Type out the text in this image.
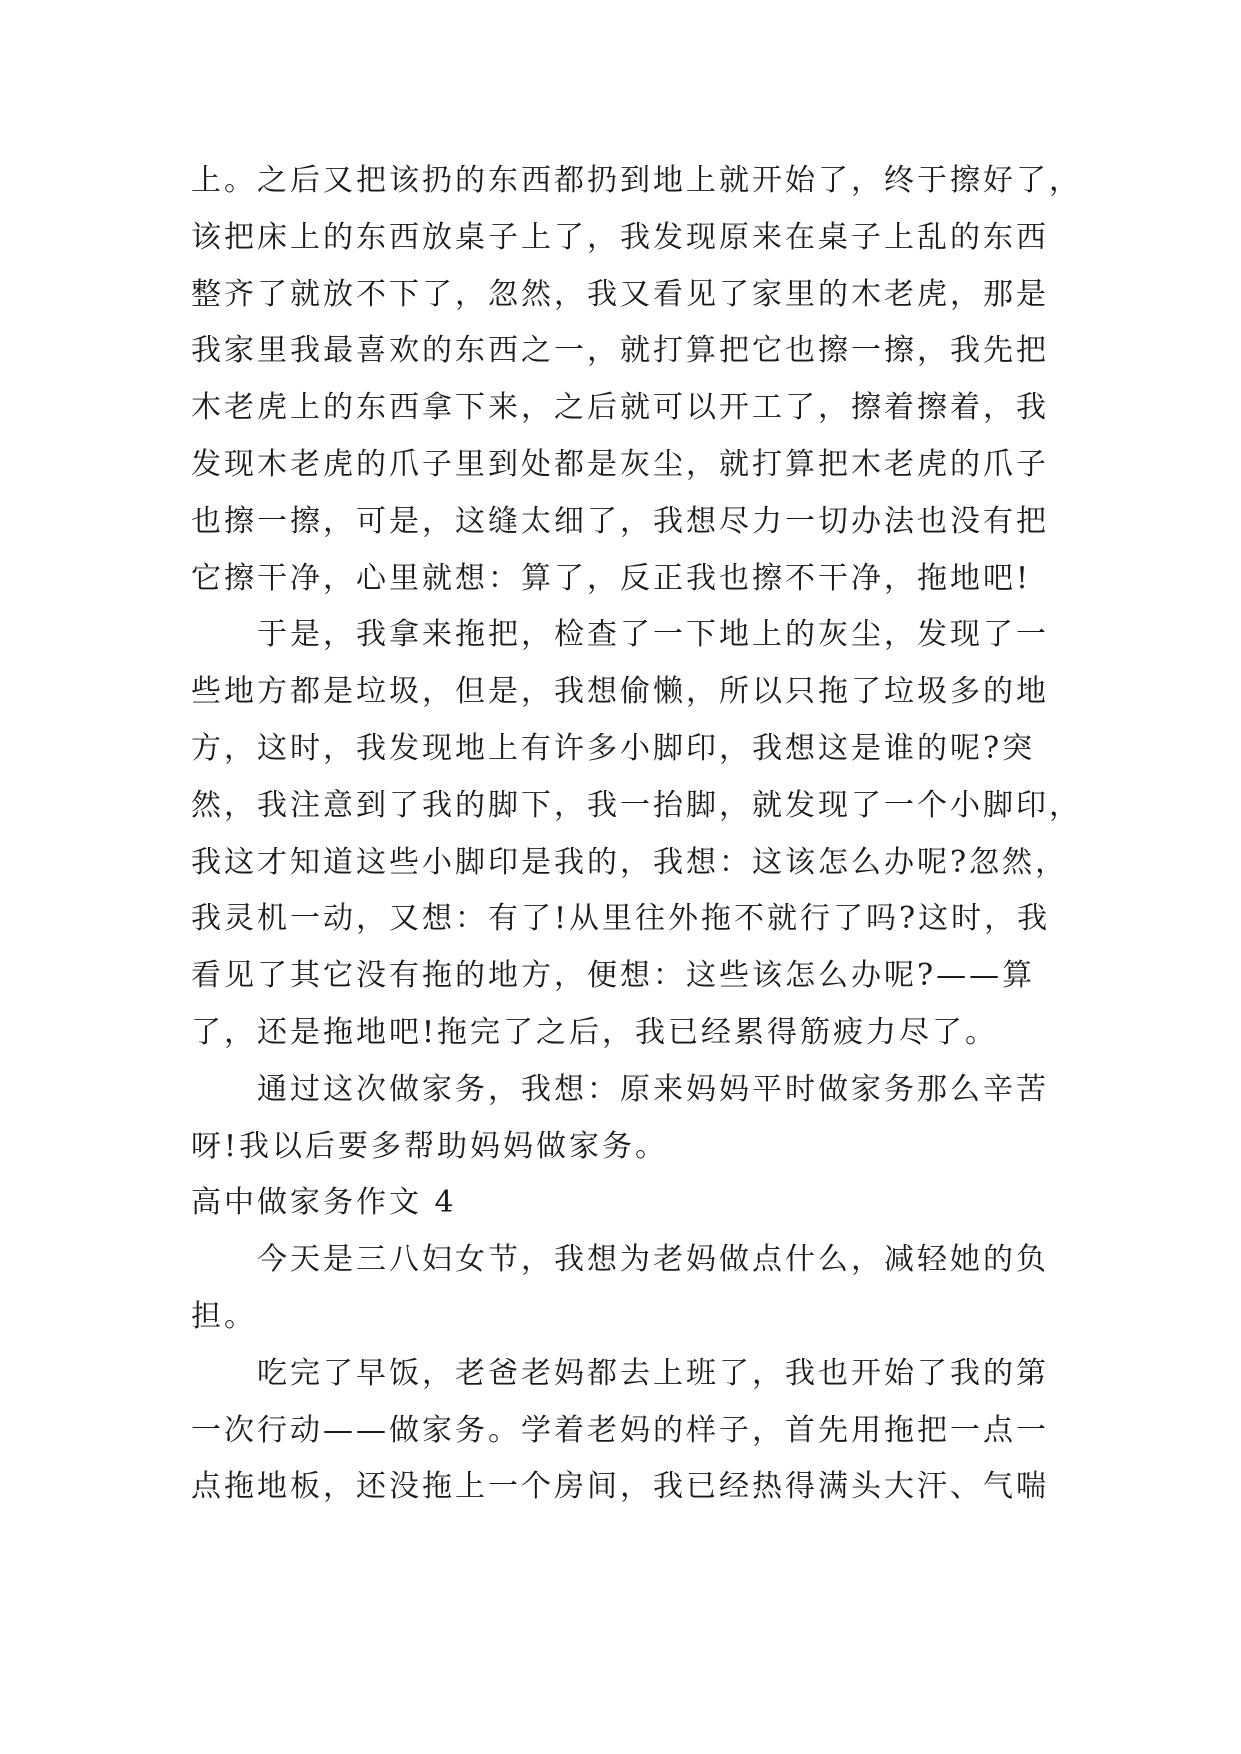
上。之后又把该扔的东西都扔到地上就开始了，终于擦好了，
该把床上的东西放桌子上了，我发现原来在桌子上乱的东西
整齐了就放不下了，忽然，我又看见了家里的木老虎，那是
我家里我最喜欢的东西之一，就打算把它也擦一擦，我先把
木老虎上的东西拿下来，之后就可以开工了，擦着擦着，我
发现木老虎的爪子里到处都是灰尘，就打算把木老虎的爪子
也擦一擦，可是，这缝太细了，我想尽力一切办法也没有把
它擦干净，心里就想：算了，反正我也擦不干净，拖地吧!
　　于是，我拿来拖把，检查了一下地上的灰尘，发现了一
些地方都是垃圾，但是，我想偷懒，所以只拖了垃圾多的地
方，这时，我发现地上有许多小脚印，我想这是谁的呢?突
然，我注意到了我的脚下，我一抬脚，就发现了一个小脚印，
我这才知道这些小脚印是我的，我想：这该怎么办呢?忽然，
我灵机一动，又想：有了!从里往外拖不就行了吗?这时，我
看见了其它没有拖的地方，便想：这些该怎么办呢?——算
了，还是拖地吧!拖完了之后，我已经累得筋疲力尽了。
　　通过这次做家务，我想：原来妈妈平时做家务那么辛苦
呀!我以后要多帮助妈妈做家务。
高中做家务作文 4
　　今天是三八妇女节，我想为老妈做点什么，减轻她的负
担。
　　吃完了早饭，老爸老妈都去上班了，我也开始了我的第
一次行动——做家务。学着老妈的样子，首先用拖把一点一
点拖地板，还没拖上一个房间，我已经热得满头大汗、气喘
